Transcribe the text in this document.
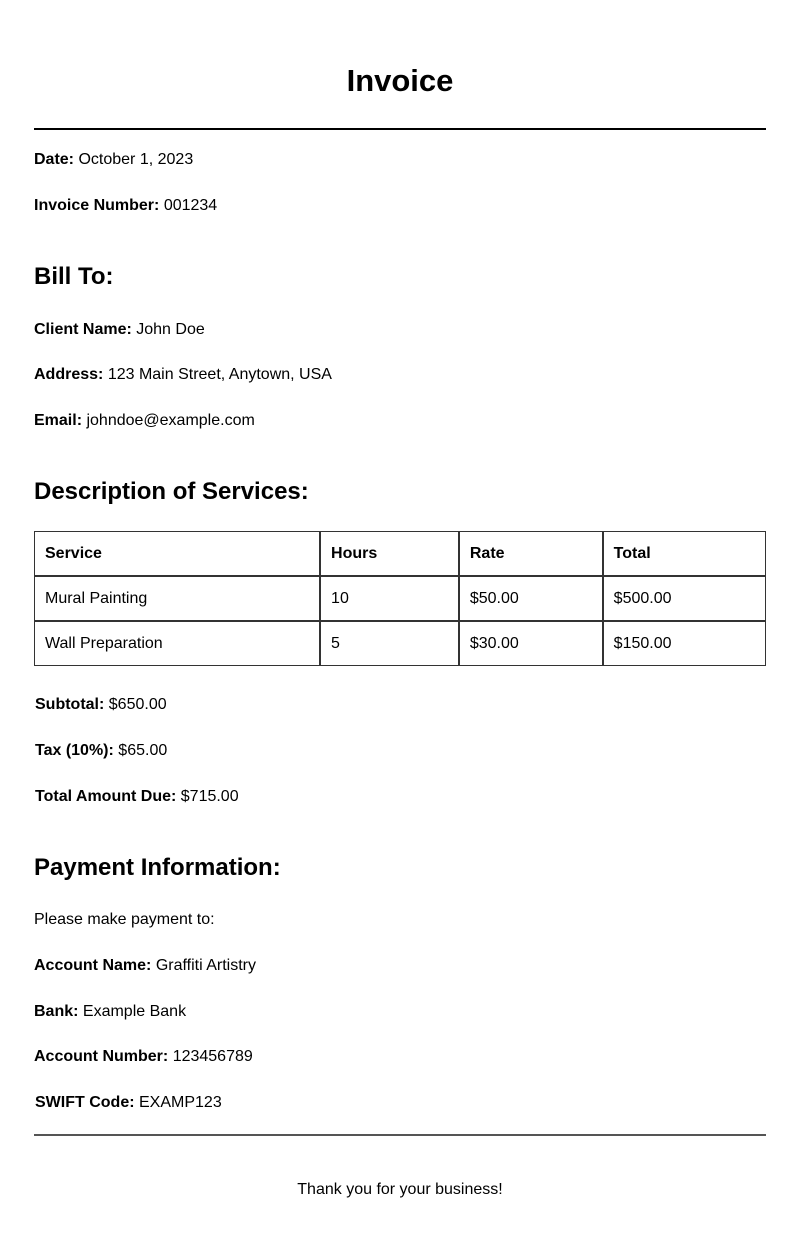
Invoice
Date: October 1, 2023
Invoice Number: 001234
Bill To:
Client Name: John Doe
Address: 123 Main Street, Anytown, USA
Email: johndoe@example.com
Description of Services:
Service	Hours	Rate	Total
Mural Painting	10	$50.00	$500.00
Wall Preparation	5	$30.00	$150.00
Subtotal: $650.00
Tax (10%): $65.00
Total Amount Due: $715.00
Payment Information:
Please make payment to:
Account Name: Graffiti Artistry
Bank: Example Bank
Account Number: 123456789
SWIFT Code: EXAMP123
Thank you for your business!
